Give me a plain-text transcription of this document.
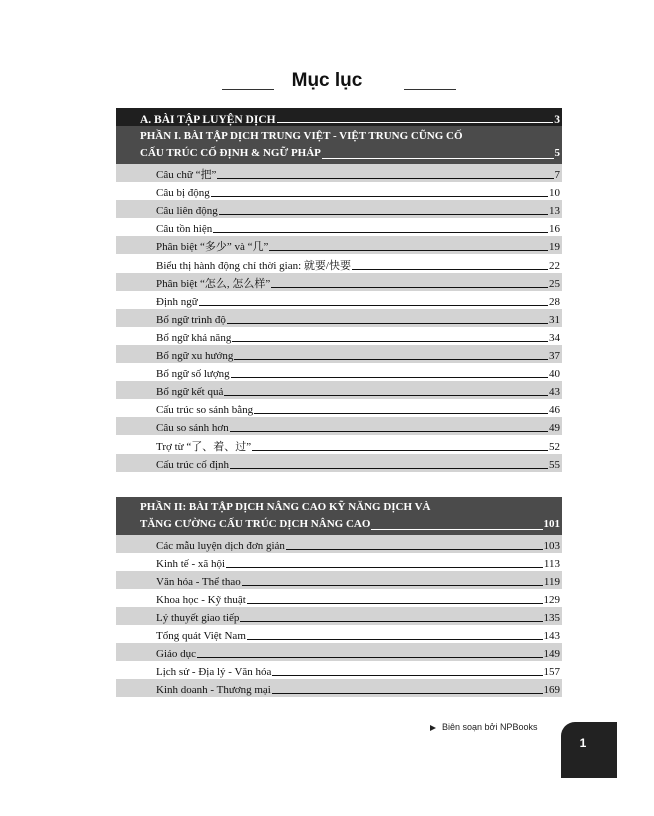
Mục lục
A. BÀI TẬP LUYỆN DỊCH	3
PHẦN I. BÀI TẬP DỊCH TRUNG VIỆT - VIỆT TRUNG CŨNG CỐ
CẤU TRÚC CỐ ĐỊNH & NGỮ PHÁP	5
Câu chữ “把”	7
Câu bị động	10
Câu liên động	13
Câu tồn hiện	16
Phân biệt “多少” và “几”	19
Biểu thị hành động chỉ thời gian: 就要/快要	22
Phân biệt “怎么, 怎么样”	25
Định ngữ	28
Bổ ngữ trình độ	31
Bổ ngữ khả năng	34
Bổ ngữ xu hướng	37
Bổ ngữ số lượng	40
Bổ ngữ kết quả	43
Cấu trúc so sánh bằng	46
Câu so sánh hơn	49
Trợ từ “了、着、过”	52
Cấu trúc cố định	55
PHẦN II: BÀI TẬP DỊCH NÂNG CAO KỸ NĂNG DỊCH VÀ
TĂNG CƯỜNG CẤU TRÚC DỊCH NÂNG CAO	101
Các mẫu luyện dịch đơn giản	103
Kinh tế - xã hội	113
Văn hóa - Thể thao	119
Khoa học - Kỹ thuật	129
Lý thuyết giao tiếp	135
Tổng quát Việt Nam	143
Giáo dục	149
Lịch sử - Địa lý - Văn hóa	157
Kinh doanh - Thương mại	169
Biên soạn bởi NPBooks
1
